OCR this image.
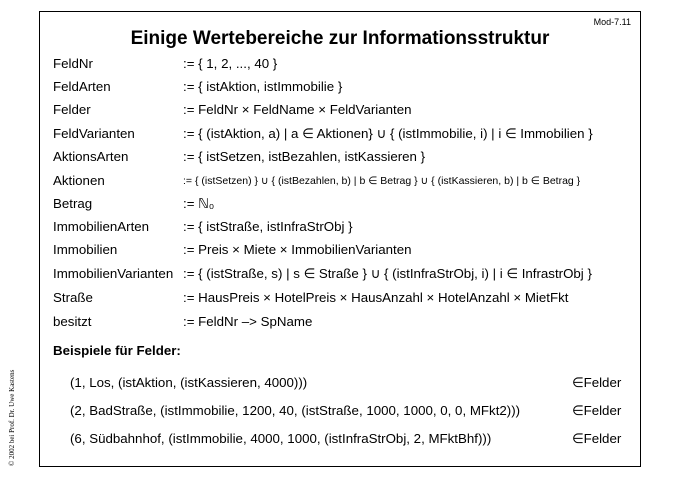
Mod-7.11
Einige Wertebereiche zur Informationsstruktur
FeldNr	:= { 1, 2, ..., 40 }
FeldArten	:= { istAktion, istImmobilie }
Felder	:= FeldNr × FeldName × FeldVarianten
FeldVarianten	:= { (istAktion, a) | a ∈ Aktionen} ∪ { (istImmobilie, i) | i ∈ Immobilien }
AktionsArten	:= { istSetzen, istBezahlen, istKassieren }
Aktionen	:= { (istSetzen) } ∪ { (istBezahlen, b) | b ∈ Betrag } ∪ { (istKassieren, b) | b ∈ Betrag }
Betrag	:= ℕ₀
ImmobilienArten	:= { istStraße, istInfraStrObj }
Immobilien	:= Preis × Miete × ImmobilienVarianten
ImmobilienVarianten := { (istStraße, s) | s ∈ Straße } ∪ { (istInfraStrObj, i) | i ∈ InfrastrObj }
Straße	:= HausPreis × HotelPreis × HausAnzahl × HotelAnzahl × MietFkt
besitzt	:= FeldNr –> SpName
Beispiele für Felder:
(1, Los, (istAktion, (istKassieren, 4000)))	∈Felder
(2, BadStraße, (istImmobilie, 1200, 40, (istStraße, 1000, 1000, 0, 0, MFkt2)))	∈Felder
(6, Südbahnhof, (istImmobilie, 4000, 1000, (istInfraStrObj, 2, MFktBhf)))	∈Felder
© 2002 bei Prof. Dr. Uwe Kastens
